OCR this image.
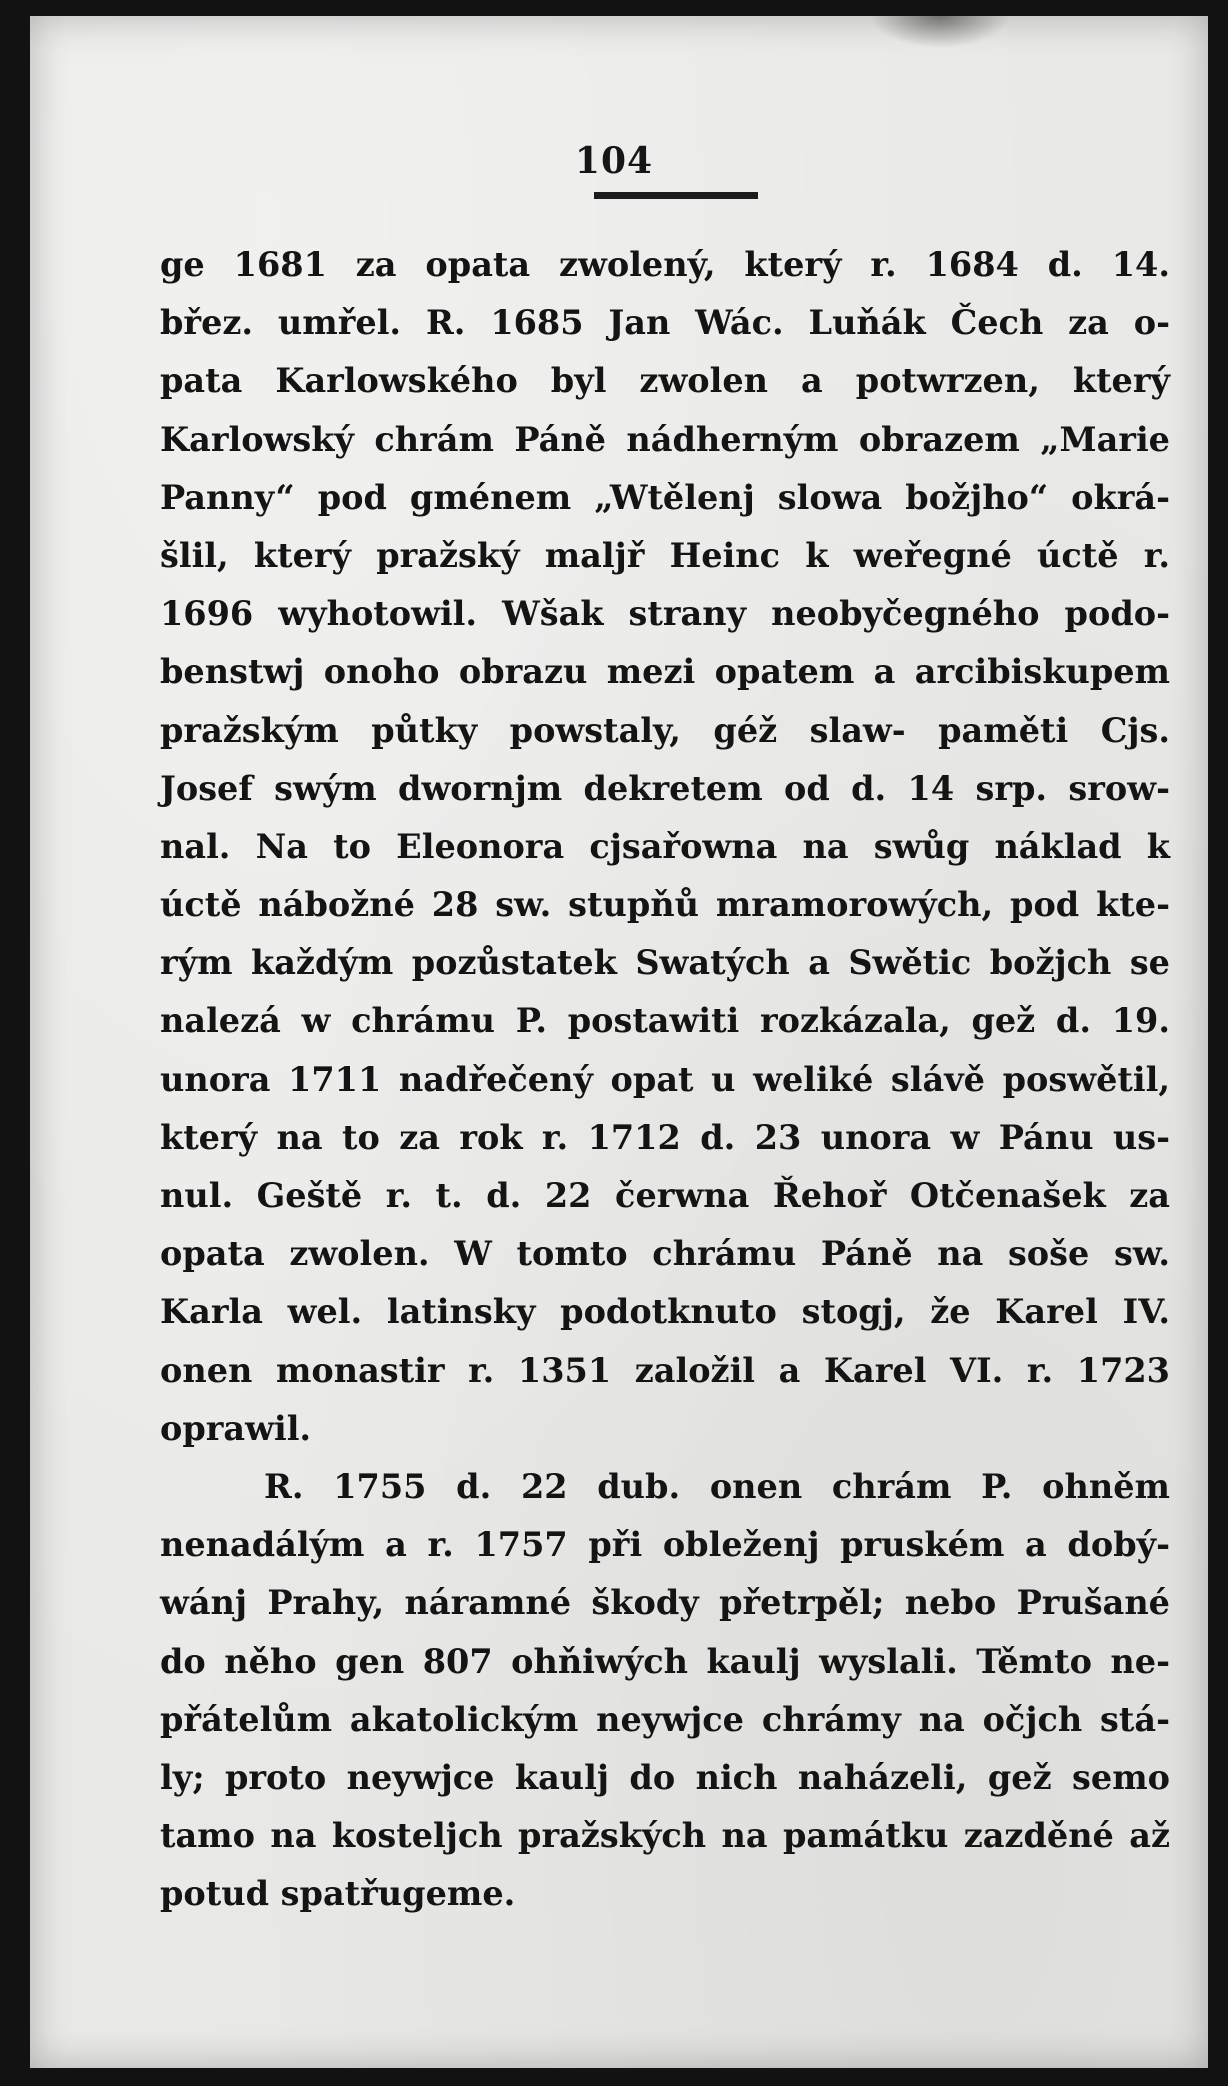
104
ge 1681 za opata zwolený, který r. 1684 d. 14.
břez. umřel. R. 1685 Jan Wác. Luňák Čech za o-
pata Karlowského byl zwolen a potwrzen, který
Karlowský chrám Páně nádherným obrazem „Marie
Panny“ pod gménem „Wtělenj slowa božjho“ okrá-
šlil, který pražský maljř Heinc k weřegné úctě r.
1696 wyhotowil. Wšak strany neobyčegného podo-
benstwj onoho obrazu mezi opatem a arcibiskupem
pražským půtky powstaly, géž slaw- paměti Cjs.
Josef swým dwornjm dekretem od d. 14 srp. srow-
nal. Na to Eleonora cjsařowna na swůg náklad k
úctě nábožné 28 sw. stupňů mramorowých, pod kte-
rým každým pozůstatek Swatých a Swětic božjch se
nalezá w chrámu P. postawiti rozkázala, gež d. 19.
unora 1711 nadřečený opat u weliké slávě poswětil,
který na to za rok r. 1712 d. 23 unora w Pánu us-
nul. Geště r. t. d. 22 čerwna Řehoř Otčenašek za
opata zwolen. W tomto chrámu Páně na soše sw.
Karla wel. latinsky podotknuto stogj, že Karel IV.
onen monastir r. 1351 založil a Karel VI. r. 1723
oprawil.
R. 1755 d. 22 dub. onen chrám P. ohněm
nenadálým a r. 1757 při obleženj pruském a dobý-
wánj Prahy, náramné škody přetrpěl; nebo Prušané
do něho gen 807 ohňiwých kaulj wyslali. Těmto ne-
přátelům akatolickým neywjce chrámy na očjch stá-
ly; proto neywjce kaulj do nich naházeli, gež semo
tamo na kosteljch pražských na památku zazděné až
potud spatřugeme.
